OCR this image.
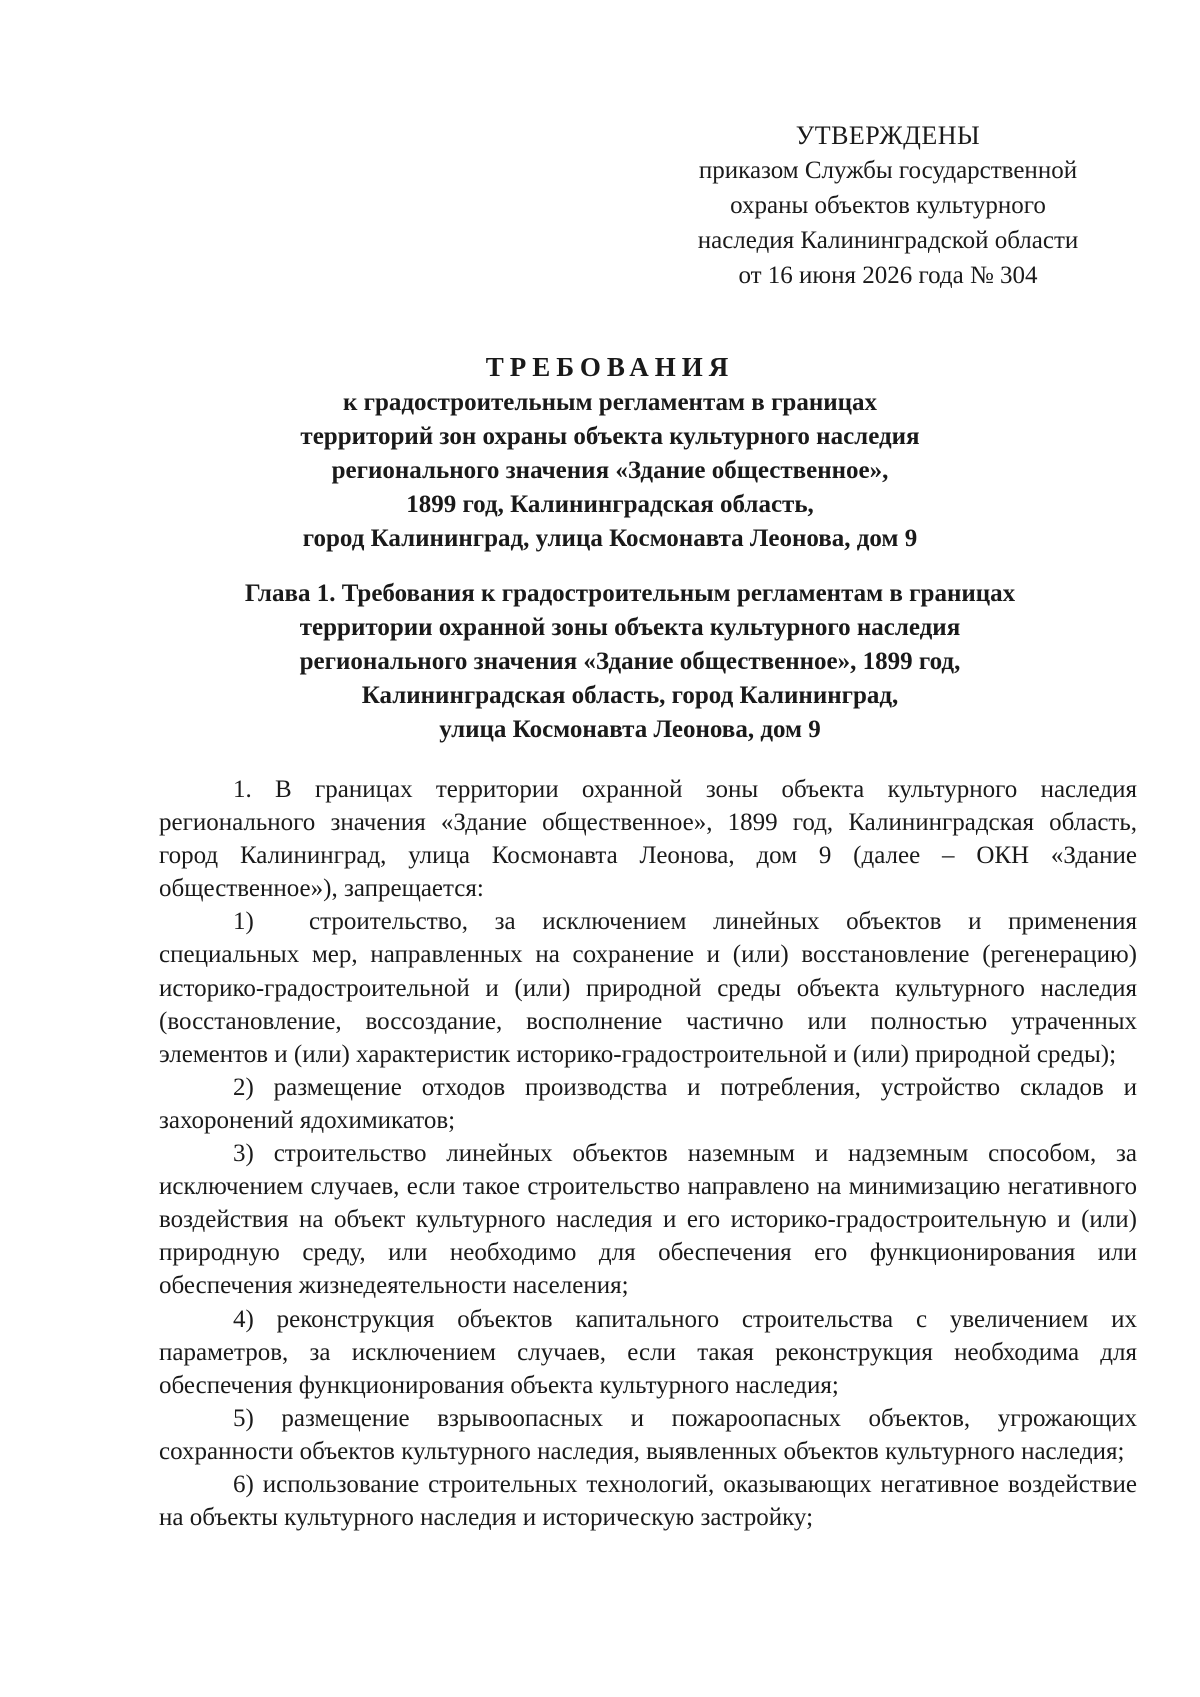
УТВЕРЖДЕНЫ
приказом Службы государственной
охраны объектов культурного
наследия Калининградской области
от 16 июня 2026 года № 304
ТРЕБОВАНИЯ
к градостроительным регламентам в границах
территорий зон охраны объекта культурного наследия
регионального значения «Здание общественное»,
1899 год, Калининградская область,
город Калининград, улица Космонавта Леонова, дом 9
Глава 1. Требования к градостроительным регламентам в границах
территории охранной зоны объекта культурного наследия
регионального значения «Здание общественное», 1899 год,
Калининградская область, город Калининград,
улица Космонавта Леонова, дом 9

1. В границах территории охранной зоны объекта культурного наследия регионального значения «Здание общественное», 1899 год, Калининградская область, город Калининград, улица Космонавта Леонова, дом 9 (далее – ОКН «Здание общественное»), запрещается:

1) строительство, за исключением линейных объектов и применения специальных мер, направленных на сохранение и (или) восстановление (регенерацию) историко-градостроительной и (или) природной среды объекта культурного наследия (восстановление, воссоздание, восполнение частично или полностью утраченных элементов и (или) характеристик историко-градостроительной и (или) природной среды);

2) размещение отходов производства и потребления, устройство складов и захоронений ядохимикатов;

3) строительство линейных объектов наземным и надземным способом, за исключением случаев, если такое строительство направлено на минимизацию негативного воздействия на объект культурного наследия и его историко-градостроительную и (или) природную среду, или необходимо для обеспечения его функционирования или обеспечения жизнедеятельности населения;

4) реконструкция объектов капитального строительства с увеличением их параметров, за исключением случаев, если такая реконструкция необходима для обеспечения функционирования объекта культурного наследия;

5) размещение взрывоопасных и пожароопасных объектов, угрожающих сохранности объектов культурного наследия, выявленных объектов культурного наследия;

6) использование строительных технологий, оказывающих негативное воздействие на объекты культурного наследия и историческую застройку;
